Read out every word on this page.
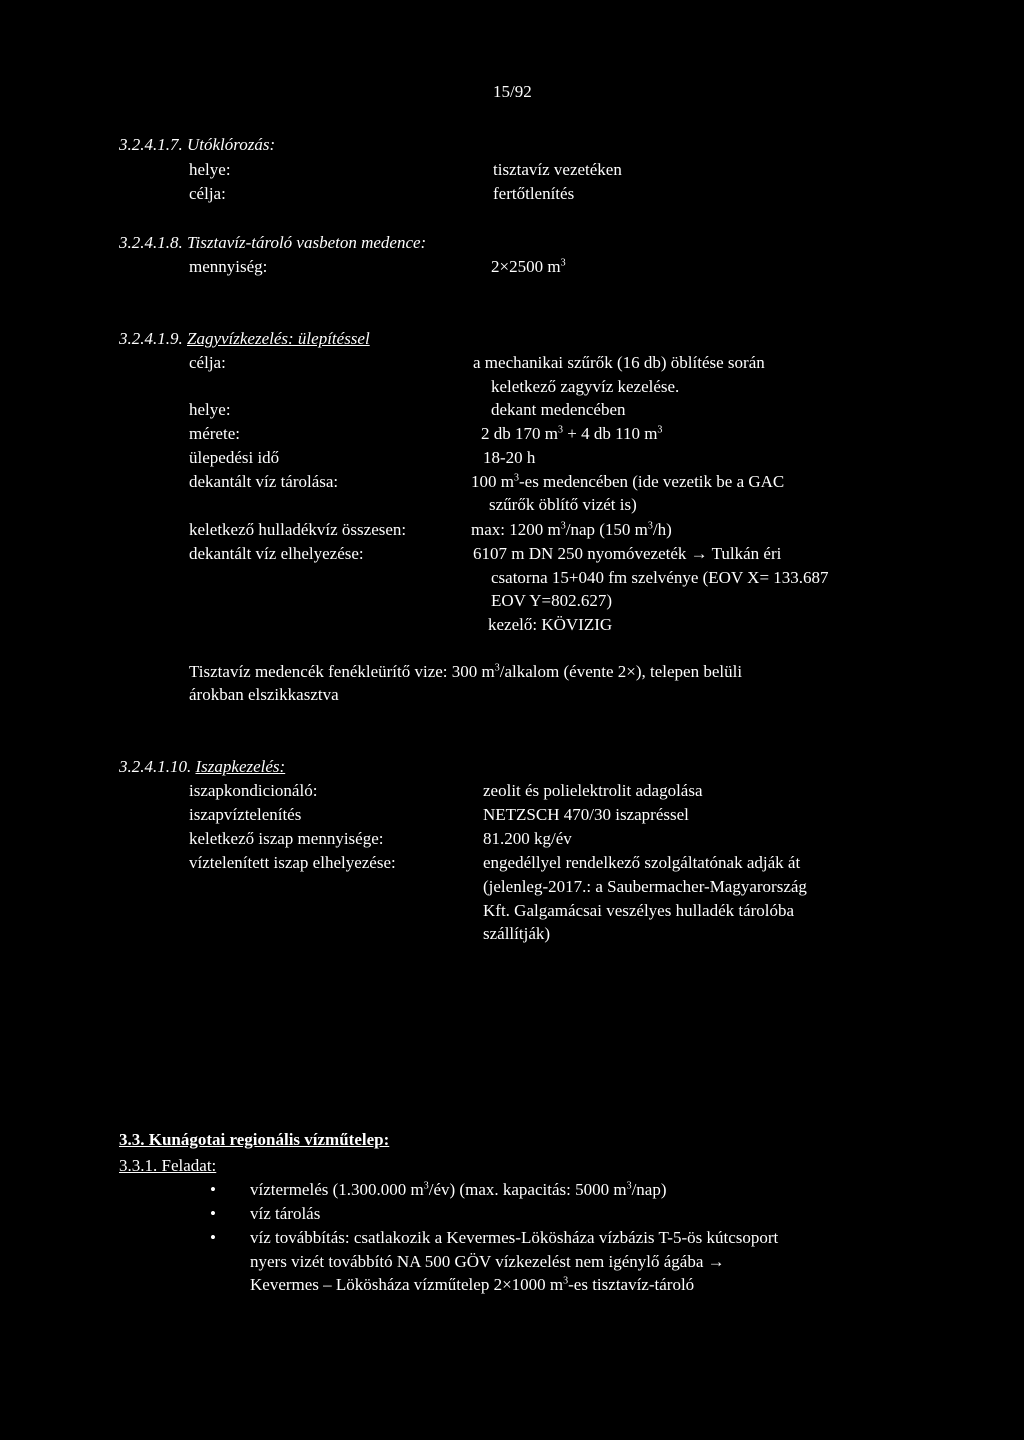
15/92
3.2.4.1.7. Utóklórozás:
helye:	tisztavíz vezetéken
célja:	fertőtlenítés
3.2.4.1.8. Tisztavíz-tároló vasbeton medence:
mennyiség:	2×2500 $m^3$
3.2.4.1.9. Zagyvízkezelés: ülepítéssel
célja:	a mechanikai szűrők (16 db) öblítése során
keletkező zagyvíz kezelése.
helye:	dekant medencében
mérete:	2 db 170 $m^3 + 4$ db 110 $m^3$
ülepedési idő	18-20 h
dekantált víz tárolása:	100 $m^3-es$ medencében (ide vezetik be a GAC
szűrők öblítő vizét is)
keletkező hulladékvíz összesen:	max: 1200 $m^3$/nap (150 $m^3/h$)
dekantált víz elhelyezése:	6107 m DN 250 nyomóvezeték → Tulkán éri
csatorna 15+040 fm szelvénye (EOV X= 133.687
EOV Y=802.627)
kezelő: KÖVIZIG
Tisztavíz medencék fenékleürítő vize: 300 $m^3$/alkalom (évente 2×), telepen belüli
árokban elszikkasztva
3.2.4.1.10. Iszapkezelés:
iszapkondicionáló:	zeolit és polielektrolit adagolása
iszapvíztelenítés	NETZSCH 470/30 iszapréssel
keletkező iszap mennyisége:	81.200 kg/év
víztelenített iszap elhelyezése:	engedéllyel rendelkező szolgáltatónak adják át
(jelenleg-2017.: a Saubermacher-Magyarország
Kft. Galgamácsai veszélyes hulladék tárolóba
szállítják)
3.3. Kunágotai regionális vízműtelep:
3.3.1. Feladat:
• víztermelés (1.300.000 $m^3/év$) (max. kapacitás: 5000 $m^3/nap$)
• víz tárolás
• víz továbbítás: csatlakozik a Kevermes-Lökösháza vízbázis T-5-ös kútcsoport
nyers vizét továbbító NA 500 GÖV vízkezelést nem igénylő ágába →
Kevermes – Lökösháza vízműtelep 2×1000 $m^3-es$ tisztavíz-tároló
